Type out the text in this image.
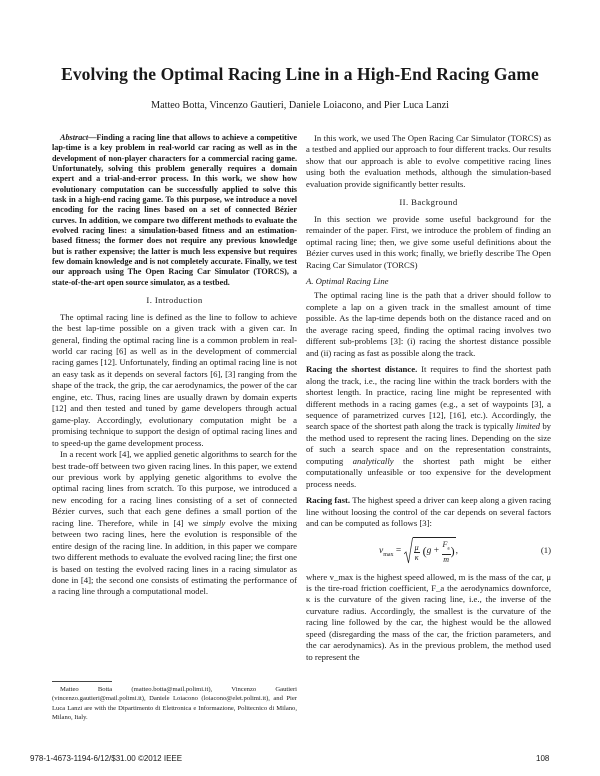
Evolving the Optimal Racing Line in a High-End Racing Game
Matteo Botta, Vincenzo Gautieri, Daniele Loiacono, and Pier Luca Lanzi
Abstract—Finding a racing line that allows to achieve a competitive lap-time is a key problem in real-world car racing as well as in the development of non-player characters for a commercial racing game. Unfortunately, solving this problem generally requires a domain expert and a trial-and-error process. In this work, we show how evolutionary computation can be successfully applied to solve this task in a high-end racing game. To this purpose, we introduce a novel encoding for the racing lines based on a set of connected Bézier curves. In addition, we compare two different methods to evaluate the evolved racing lines: a simulation-based fitness and an estimation-based fitness; the former does not require any previous knowledge but is rather expensive; the latter is much less expensive but requires few domain knowledge and is not completely accurate. Finally, we test our approach using The Open Racing Car Simulator (TORCS), a state-of-the-art open source simulator, as a testbed.
I. Introduction

The optimal racing line is defined as the line to follow to achieve the best lap-time possible on a given track with a given car. In general, finding the optimal racing line is a common problem in real-world car racing [6] as well as in the development of commercial racing games [12]. Unfortunately, finding an optimal racing line is not an easy task as it depends on several factors [6], [3] ranging from the shape of the track, the grip, the car aerodynamics, the power of the car engine, etc. Thus, racing lines are usually drawn by domain experts [12] and then tested and tuned by game developers through actual game-play. Accordingly, evolutionary computation might be a promising technique to support the design of optimal racing lines and to speed-up the game development process.

In a recent work [4], we applied genetic algorithms to search for the best trade-off between two given racing lines. In this paper, we extend our previous work by applying genetic algorithms to evolve the optimal racing lines from scratch. To this purpose, we introduced a new encoding for a racing lines consisting of a set of connected Bézier curves, such that each gene defines a small portion of the racing line. Therefore, while in [4] we simply evolve the mixing between two racing lines, here the evolution is responsible of the entire design of the racing line. In addition, in this paper we compare two different methods to evaluate the evolved racing line; the first one is based on testing the evolved racing lines in a racing simulator as done in [4]; the second one consists of estimating the performance of a racing line through a computational model.

Matteo Botta (matteo.botta@mail.polimi.it), Vincenzo Gautieri (vincenzo.gautieri@mail.polimi.it), Daniele Loiacono (loiacono@elet.polimi.it), and Pier Luca Lanzi are with the Dipartimento di Elettronica e Informazione, Politecnico di Milano, Milano, Italy.

In this work, we used The Open Racing Car Simulator (TORCS) as a testbed and applied our approach to four different tracks. Our results show that our approach is able to evolve competitive racing lines using both the evaluation methods, although the simulation-based evaluation provide significantly better results.

II. Background

In this section we provide some useful background for the remainder of the paper. First, we introduce the problem of finding an optimal racing line; then, we give some useful definitions about the Bézier curves used in this work; finally, we briefly describe The Open Racing Car Simulator (TORCS)

A. Optimal Racing Line

The optimal racing line is the path that a driver should follow to complete a lap on a given track in the smallest amount of time possible. As the lap-time depends both on the distance raced and on the average racing speed, finding the optimal racing involves two different sub-problems [3]: (i) racing the shortest distance possible and (ii) racing as fast as possible along the track.

Racing the shortest distance. It requires to find the shortest path along the track, i.e., the racing line within the track borders with the shortest length. In practice, racing line might be represented with different methods in a racing games (e.g., a set of waypoints [3], a sequence of parametrized curves [12], [16], etc.). Accordingly, the search space of the shortest path along the track is typically limited by the method used to represent the racing lines. Depending on the size of such a search space and on the representation constraints, computing analytically the shortest path might be either computationally unfeasible or too expensive for the development process needs.

Racing fast. The highest speed a driver can keep along a given racing line without loosing the control of the car depends on several factors and can be computed as follows [3]:

$v_{max} = \frac{\mu}{\kappa}$ ( $g + \frac{F_a}{m}$ ) ,	(1)

where v_max is the highest speed allowed, m is the mass of the car, μ is the tire-road friction coefficient, F_a the aerodynamics downforce, κ is the curvature of the given racing line, i.e., the inverse of the curvature radius. Accordingly, the smallest is the curvature of the racing line followed by the car, the highest would be the allowed speed (disregarding the mass of the car, the friction parameters, and the car aerodynamics). As in the previous problem, the method used to represent the

978-1-4673-1194-6/12/$31.00 ©2012 IEEE	108
